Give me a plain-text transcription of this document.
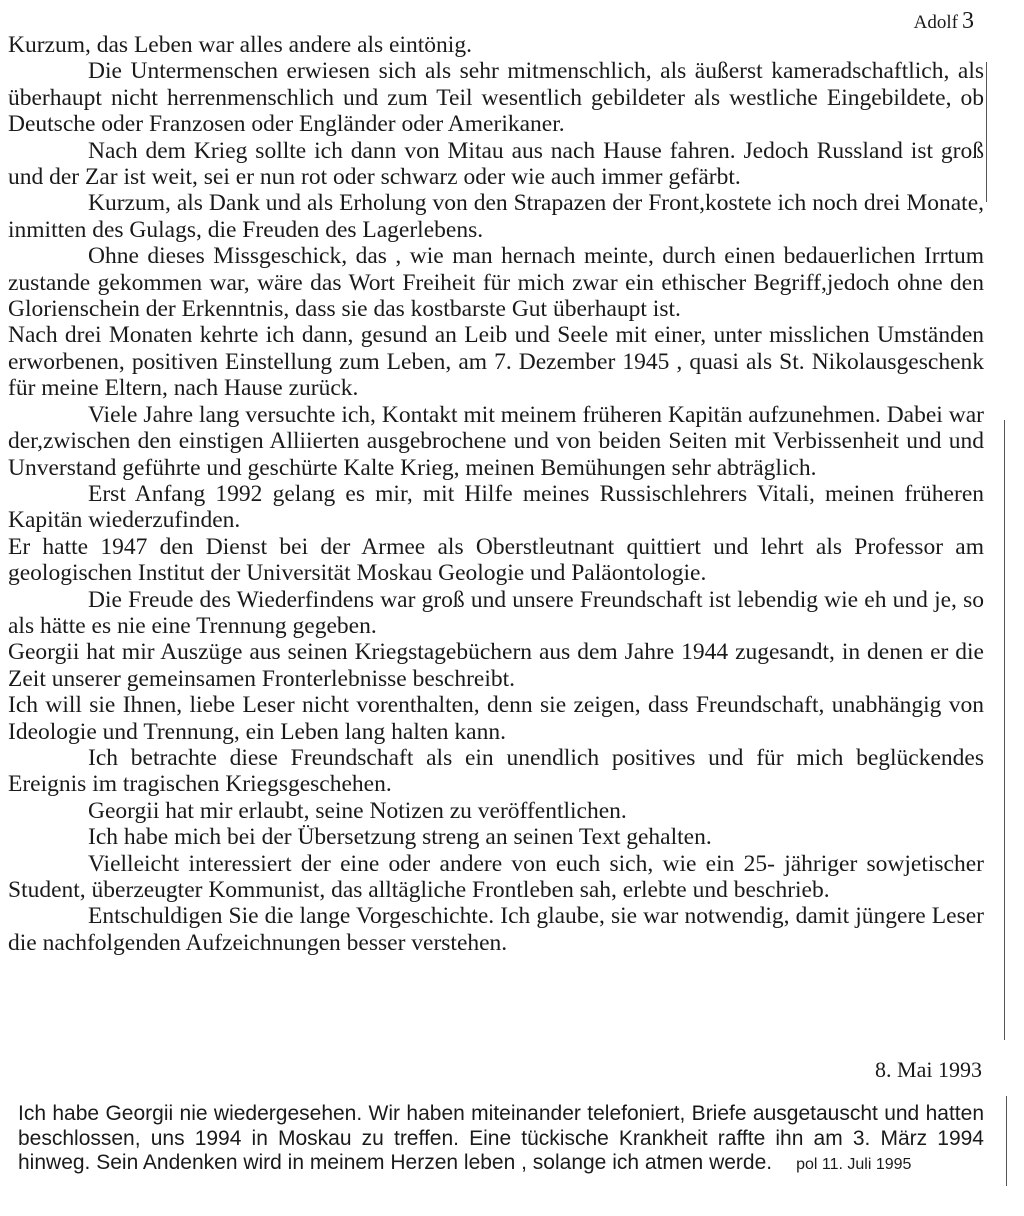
Adolf 3

Kurzum, das Leben war alles andere als eintönig.

Die Untermenschen erwiesen sich als sehr mitmenschlich, als äußerst kameradschaftlich, als überhaupt nicht herrenmenschlich und zum Teil wesentlich gebildeter als westliche Eingebildete, ob Deutsche oder Franzosen oder Engländer oder Amerikaner.

Nach dem Krieg sollte ich dann von Mitau aus nach Hause fahren. Jedoch Russland ist groß und der Zar ist weit, sei er nun rot oder schwarz oder wie auch immer gefärbt.

Kurzum, als Dank und als Erholung von den Strapazen der Front,kostete ich noch drei Monate, inmitten des Gulags, die Freuden des Lagerlebens.

Ohne dieses Missgeschick, das , wie man hernach meinte, durch einen bedauerlichen Irrtum zustande gekommen war, wäre das Wort Freiheit für mich zwar ein ethischer Begriff,jedoch ohne den Glorienschein der Erkenntnis, dass sie das kostbarste Gut überhaupt ist.

Nach drei Monaten kehrte ich dann, gesund an Leib und Seele mit einer, unter misslichen Umständen erworbenen, positiven Einstellung zum Leben, am 7. Dezember 1945 , quasi als St. Nikolausgeschenk für meine Eltern, nach Hause zurück.

Viele Jahre lang versuchte ich, Kontakt mit meinem früheren Kapitän aufzunehmen. Dabei war der,zwischen den einstigen Alliierten ausgebrochene und von beiden Seiten mit Verbissenheit und und Unverstand geführte und geschürte Kalte Krieg, meinen Bemühungen sehr abträglich.

Erst Anfang 1992 gelang es mir, mit Hilfe meines Russischlehrers Vitali, meinen früheren Kapitän wiederzufinden.

Er hatte 1947 den Dienst bei der Armee als Oberstleutnant quittiert und lehrt als Professor am geologischen Institut der Universität Moskau Geologie und Paläontologie.

Die Freude des Wiederfindens war groß und unsere Freundschaft ist lebendig wie eh und je, so als hätte es nie eine Trennung gegeben.

Georgii hat mir Auszüge aus seinen Kriegstagebüchern aus dem Jahre 1944 zugesandt, in denen er die Zeit unserer gemeinsamen Fronterlebnisse beschreibt.

Ich will sie Ihnen, liebe Leser nicht vorenthalten, denn sie zeigen, dass Freundschaft, unabhängig von Ideologie und Trennung, ein Leben lang halten kann.

Ich betrachte diese Freundschaft als ein unendlich positives und für mich beglückendes Ereignis im tragischen Kriegsgeschehen.

Georgii hat mir erlaubt, seine Notizen zu veröffentlichen.

Ich habe mich bei der Übersetzung streng an seinen Text gehalten.

Vielleicht interessiert der eine oder andere von euch sich, wie ein 25- jähriger sowjetischer Student, überzeugter Kommunist, das alltägliche Frontleben sah, erlebte und beschrieb.

Entschuldigen Sie die lange Vorgeschichte. Ich glaube, sie war notwendig, damit jüngere Leser die nachfolgenden Aufzeichnungen besser verstehen.

8. Mai 1993
Ich habe Georgii nie wiedergesehen. Wir haben miteinander telefoniert, Briefe ausgetauscht und hatten beschlossen, uns 1994 in Moskau zu treffen. Eine tückische Krankheit raffte ihn am 3. März 1994 hinweg. Sein Andenken wird in meinem Herzen leben , solange ich atmen werde. pol 11. Juli 1995
